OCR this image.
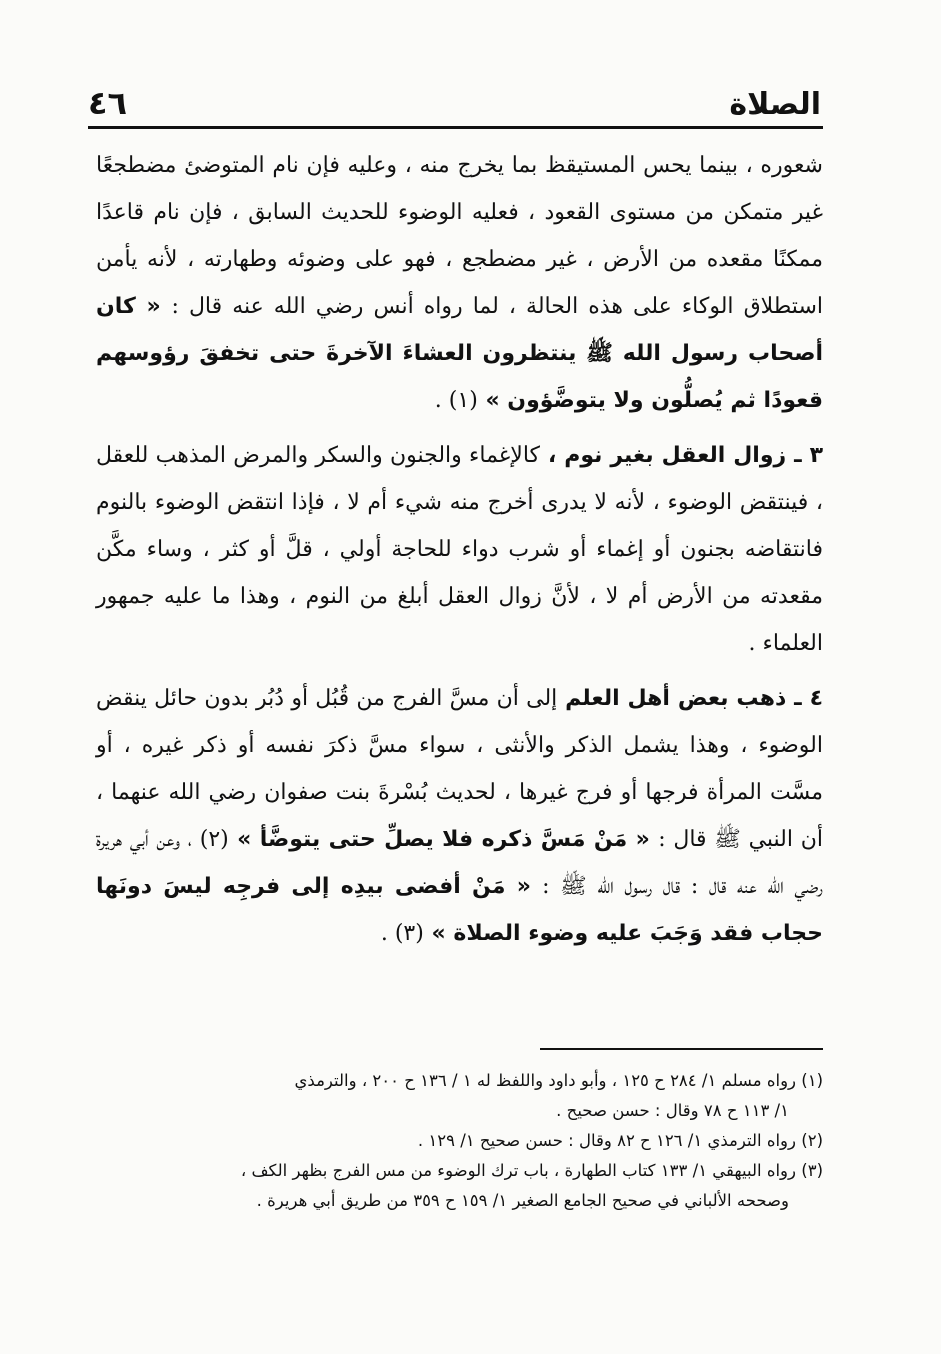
٤٦	الصلاة

شعوره ، بينما يحس المستيقظ بما يخرج منه ، وعليه فإن نام المتوضئ مضطجعًا غير متمكن من مستوى القعود ، فعليه الوضوء للحديث السابق ، فإن نام قاعدًا ممكنًا مقعده من الأرض ، غير مضطجع ، فهو على وضوئه وطهارته ، لأنه يأمن استطلاق الوكاء على هذه الحالة ، لما رواه أنس رضي الله عنه قال : « كان أصحاب رسول الله ﷺ ينتظرون العشاءَ الآخرةَ حتى تخفقَ رؤوسهم قعودًا ثم يُصلُّون ولا يتوضَّؤون » (١) .

٣ ـ زوال العقل بغير نوم ، كالإغماء والجنون والسكر والمرض المذهب للعقل ، فينتقض الوضوء ، لأنه لا يدرى أخرج منه شيء أم لا ، فإذا انتقض الوضوء بالنوم فانتقاضه بجنون أو إغماء أو شرب دواء للحاجة أولي ، قلَّ أو كثر ، وساء مكَّن مقعدته من الأرض أم لا ، لأنَّ زوال العقل أبلغ من النوم ، وهذا ما عليه جمهور العلماء .

٤ ـ ذهب بعض أهل العلم إلى أن مسَّ الفرج من قُبُل أو دُبُر بدون حائل ينقض الوضوء ، وهذا يشمل الذكر والأنثى ، سواء مسَّ ذكرَ نفسه أو ذكر غيره ، أو مسَّت المرأة فرجها أو فرج غيرها ، لحديث بُسْرةَ بنت صفوان رضي الله عنهما ، أن النبي ﷺ قال : « مَنْ مَسَّ ذكره فلا يصلِّ حتى يتوضَّأ » (٢) ، وعن أبي هريرة رضي الله عنه قال : قال رسول الله ﷺ : « مَنْ أفضى بيدِه إلى فرجِه ليسَ دونَها حجاب فقد وَجَبَ عليه وضوء الصلاة » (٣) .

(١) رواه مسلم ١/ ٢٨٤ ح ١٢٥ ، وأبو داود واللفظ له ١ / ١٣٦ ح ٢٠٠ ، والترمذي
١/ ١١٣ ح ٧٨ وقال : حسن صحيح .

(٢) رواه الترمذي ١/ ١٢٦ ح ٨٢ وقال : حسن صحيح ١/ ١٢٩ .

(٣) رواه البيهقي ١/ ١٣٣ كتاب الطهارة ، باب ترك الوضوء من مس الفرج بظهر الكف ،
وصححه الألباني في صحيح الجامع الصغير ١/ ١٥٩ ح ٣٥٩ من طريق أبي هريرة .
